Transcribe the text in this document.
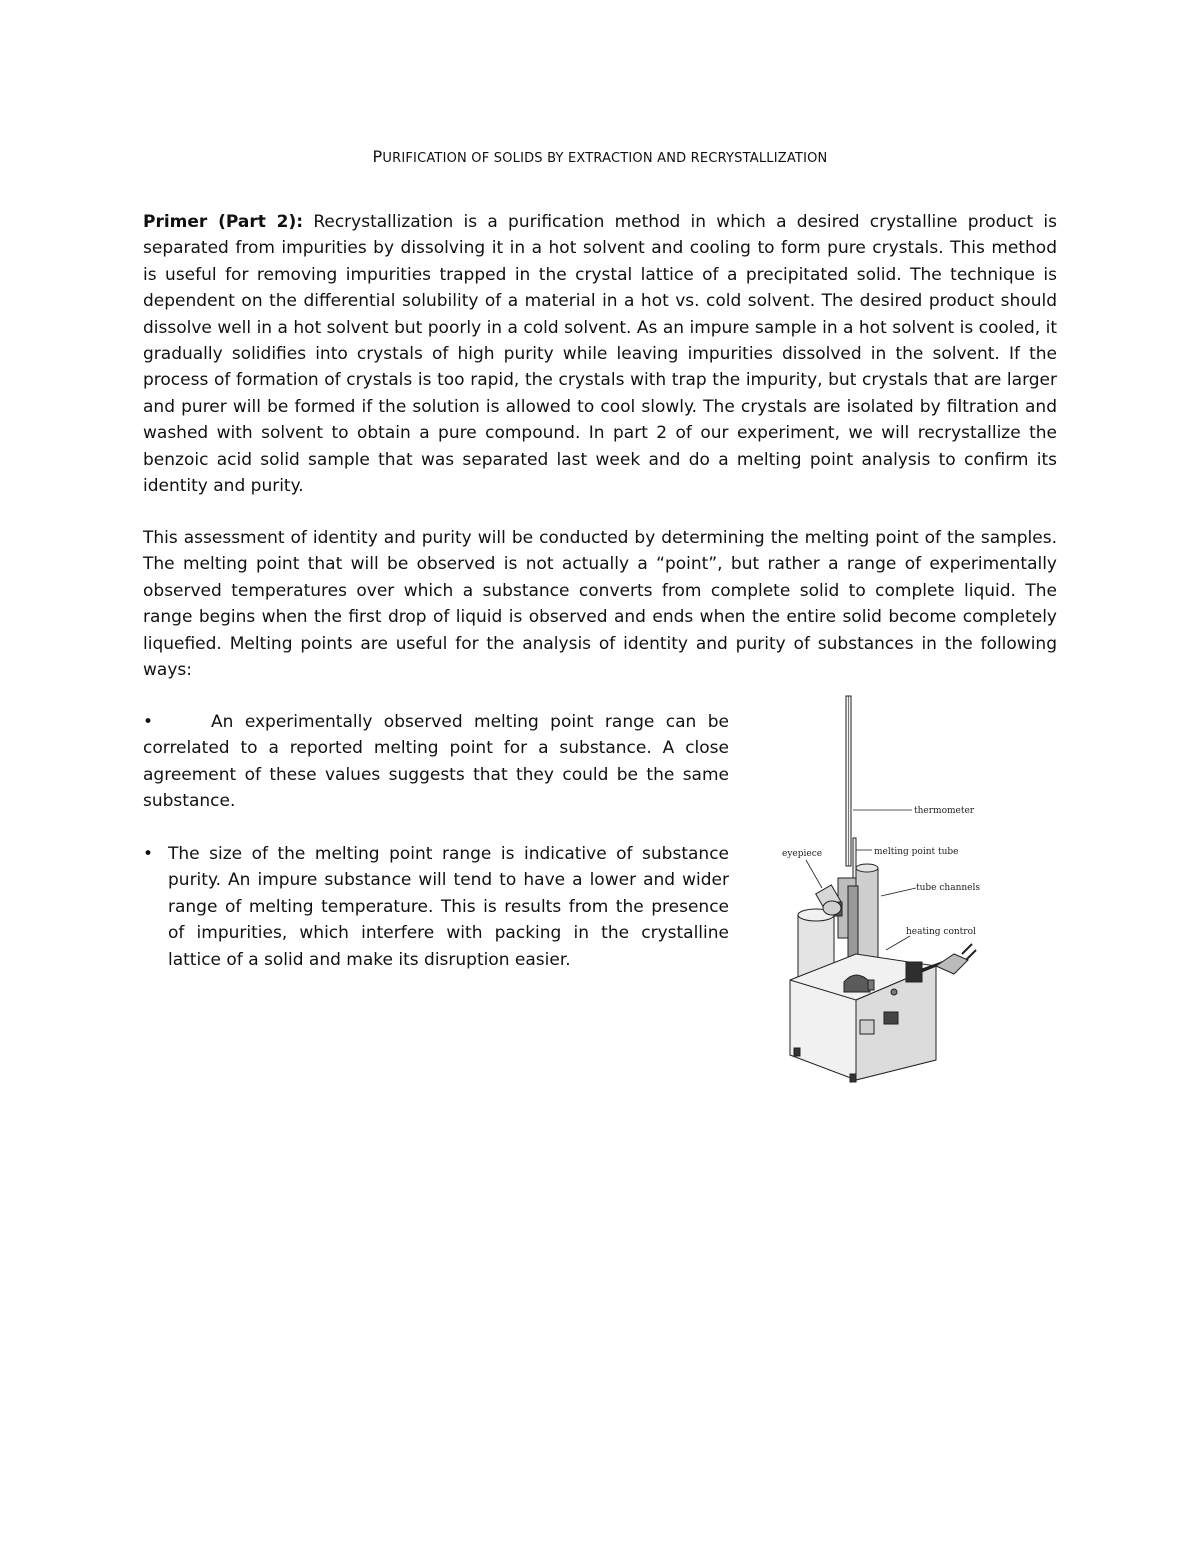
PURIFICATION OF SOLIDS BY EXTRACTION AND RECRYSTALLIZATION

Primer (Part 2): Recrystallization is a purification method in which a desired crystalline product is separated from impurities by dissolving it in a hot solvent and cooling to form pure crystals. This method is useful for removing impurities trapped in the crystal lattice of a precipitated solid. The technique is dependent on the differential solubility of a material in a hot vs. cold solvent. The desired product should dissolve well in a hot solvent but poorly in a cold solvent. As an impure sample in a hot solvent is cooled, it gradually solidifies into crystals of high purity while leaving impurities dissolved in the solvent. If the process of formation of crystals is too rapid, the crystals with trap the impurity, but crystals that are larger and purer will be formed if the solution is allowed to cool slowly. The crystals are isolated by filtration and washed with solvent to obtain a pure compound. In part 2 of our experiment, we will recrystallize the benzoic acid solid sample that was separated last week and do a melting point analysis to confirm its identity and purity.

This assessment of identity and purity will be conducted by determining the melting point of the samples. The melting point that will be observed is not actually a “point”, but rather a range of experimentally observed temperatures over which a substance converts from complete solid to complete liquid. The range begins when the first drop of liquid is observed and ends when the entire solid become completely liquefied. Melting points are useful for the analysis of identity and purity of substances in the following ways:

•	An experimentally observed melting point range can be correlated to a reported melting point for a substance. A close agreement of these values suggests that they could be the same substance.

• The size of the melting point range is indicative of substance purity. An impure substance will tend to have a lower and wider range of melting temperature. This is results from the presence of impurities, which interfere with packing in the crystalline lattice of a solid and make its disruption easier.

thermometer
eyepiece	melting point tube
tube channels
heating control
